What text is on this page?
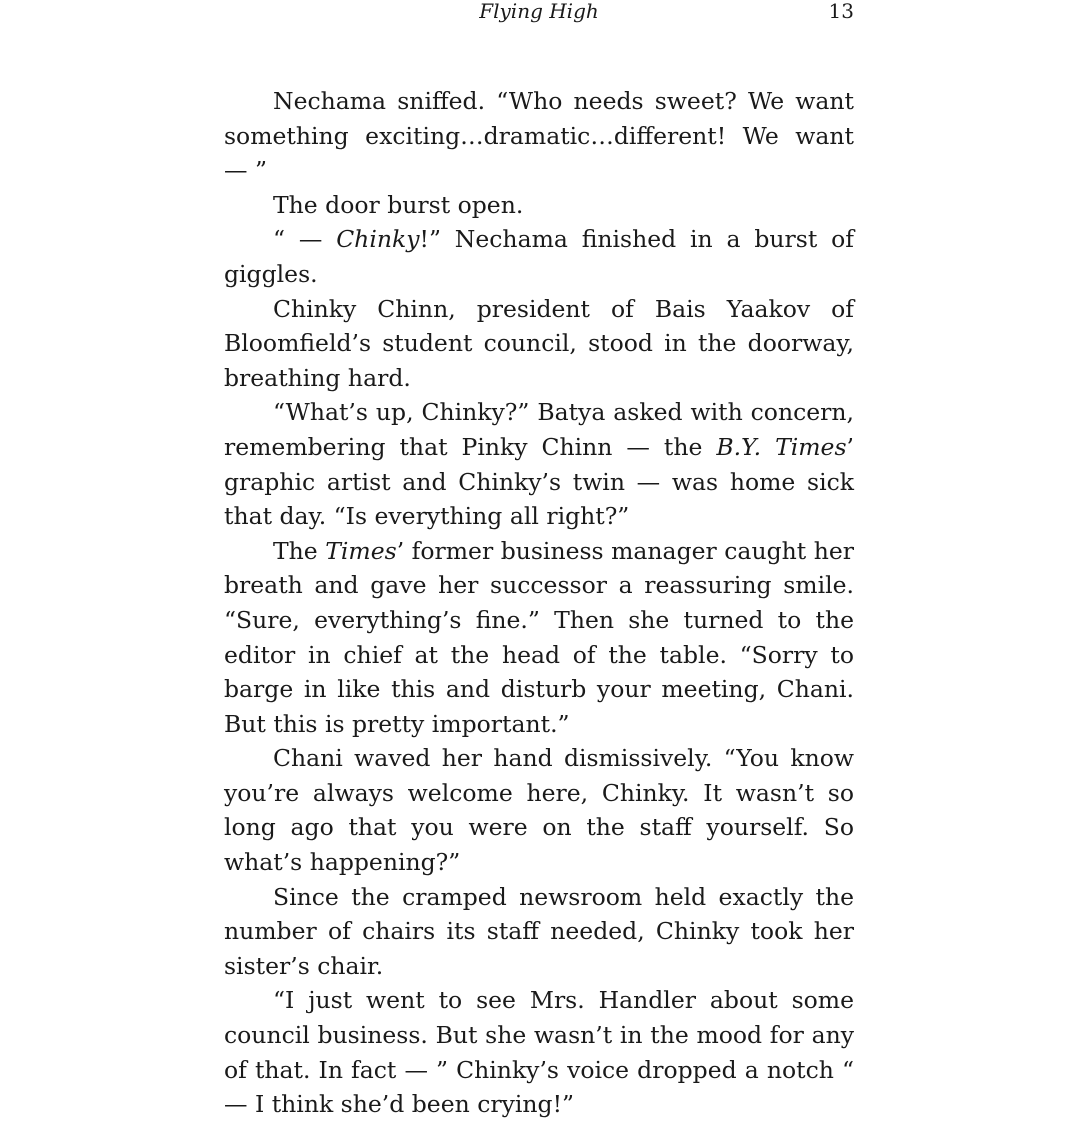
Flying High	13

Nechama sniffed. “Who needs sweet? We want something exciting…dramatic…different! We want — ”

The door burst open.

“ — Chinky!” Nechama finished in a burst of giggles.

Chinky Chinn, president of Bais Yaakov of Bloomfield’s student council, stood in the doorway, breathing hard.

“What’s up, Chinky?” Batya asked with concern, remembering that Pinky Chinn — the B.Y. Times’ graphic artist and Chinky’s twin — was home sick that day. “Is everything all right?”

The Times’ former business manager caught her breath and gave her successor a reassuring smile. “Sure, everything’s fine.” Then she turned to the editor in chief at the head of the table. “Sorry to barge in like this and disturb your meeting, Chani. But this is pretty important.”

Chani waved her hand dismissively. “You know you’re always welcome here, Chinky. It wasn’t so long ago that you were on the staff yourself. So what’s happening?”

Since the cramped newsroom held exactly the number of chairs its staff needed, Chinky took her sister’s chair.

“I just went to see Mrs. Handler about some council business. But she wasn’t in the mood for any of that. In fact — ” Chinky’s voice dropped a notch “ — I think she’d been crying!”
